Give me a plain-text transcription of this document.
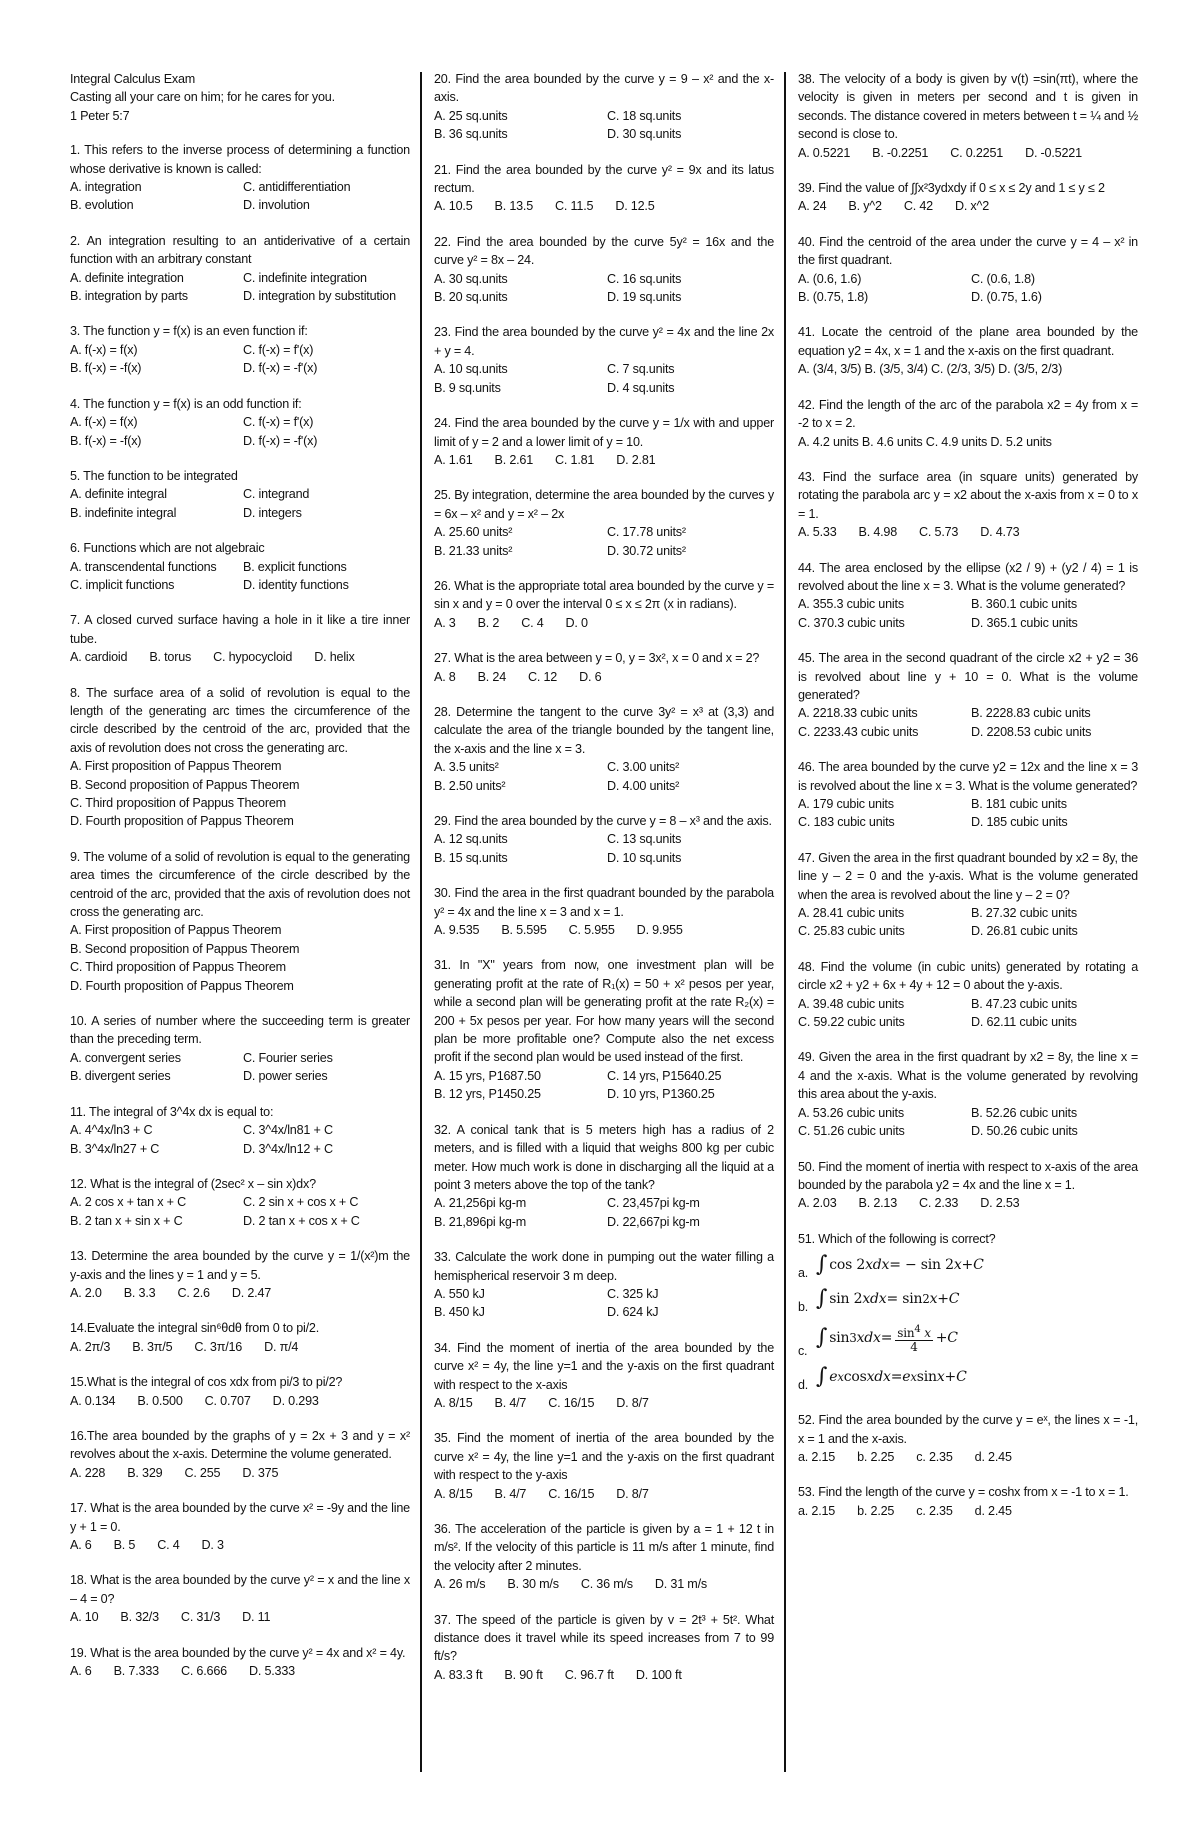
Integral Calculus Exam
Casting all your care on him; for he cares for you.
1 Peter 5:7

1. This refers to the inverse process of determining a function whose derivative is known is called:

A. integration	C. antidifferentiation
B. evolution	D. involution

2. An integration resulting to an antiderivative of a certain function with an arbitrary constant

A. definite integration	C. indefinite integration
B. integration by parts	D. integration by substitution

3. The function y = f(x) is an even function if:

A. f(-x) = f(x)	C. f(-x) = f'(x)
B. f(-x) = -f(x)	D. f(-x) = -f'(x)

4. The function y = f(x) is an odd function if:

A. f(-x) = f(x)	C. f(-x) = f'(x)
B. f(-x) = -f(x)	D. f(-x) = -f'(x)

5. The function to be integrated

A. definite integral	C. integrand
B. indefinite integral	D. integers

6. Functions which are not algebraic

A. transcendental functions	B. explicit functions
C. implicit functions	D. identity functions

7. A closed curved surface having a hole in it like a tire inner tube.

A. cardioid B. torus C. hypocycloid D. helix

8. The surface area of a solid of revolution is equal to the length of the generating arc times the circumference of the circle described by the centroid of the arc, provided that the axis of revolution does not cross the generating arc.

A. First proposition of Pappus Theorem
B. Second proposition of Pappus Theorem
C. Third proposition of Pappus Theorem
D. Fourth proposition of Pappus Theorem

9. The volume of a solid of revolution is equal to the generating area times the circumference of the circle described by the centroid of the arc, provided that the axis of revolution does not cross the generating arc.

A. First proposition of Pappus Theorem
B. Second proposition of Pappus Theorem
C. Third proposition of Pappus Theorem
D. Fourth proposition of Pappus Theorem

10. A series of number where the succeeding term is greater than the preceding term.

A. convergent series	C. Fourier series
B. divergent series	D. power series

11. The integral of 3^4x dx is equal to:

A. 4^4x/ln3 + C	C. 3^4x/ln81 + C
B. 3^4x/ln27 + C	D. 3^4x/ln12 + C

12. What is the integral of (2sec² x – sin x)dx?

A. 2 cos x + tan x + C	C. 2 sin x + cos x + C
B. 2 tan x + sin x + C	D. 2 tan x + cos x + C

13. Determine the area bounded by the curve y = 1/(x²)m the y-axis and the lines y = 1 and y = 5.

A. 2.0 B. 3.3 C. 2.6 D. 2.47

14.Evaluate the integral sin⁶θdθ from 0 to pi/2.

A. 2π/3 B. 3π/5 C. 3π/16 D. π/4

15.What is the integral of cos xdx from pi/3 to pi/2?

A. 0.134 B. 0.500 C. 0.707 D. 0.293

16.The area bounded by the graphs of y = 2x + 3 and y = x² revolves about the x-axis. Determine the volume generated.

A. 228 B. 329 C. 255 D. 375

17. What is the area bounded by the curve x² = -9y and the line y + 1 = 0.

A. 6 B. 5 C. 4 D. 3

18. What is the area bounded by the curve y² = x and the line x – 4 = 0?

A. 10 B. 32/3 C. 31/3 D. 11

19. What is the area bounded by the curve y² = 4x and x² = 4y.

A. 6 B. 7.333 C. 6.666 D. 5.333

20. Find the area bounded by the curve y = 9 – x² and the x-axis.

A. 25 sq.units	C. 18 sq.units
B. 36 sq.units	D. 30 sq.units

21. Find the area bounded by the curve y² = 9x and its latus rectum.

A. 10.5 B. 13.5 C. 11.5 D. 12.5

22. Find the area bounded by the curve 5y² = 16x and the curve y² = 8x – 24.

A. 30 sq.units	C. 16 sq.units
B. 20 sq.units	D. 19 sq.units

23. Find the area bounded by the curve y² = 4x and the line 2x + y = 4.

A. 10 sq.units	C. 7 sq.units
B. 9 sq.units	D. 4 sq.units

24. Find the area bounded by the curve y = 1/x with and upper limit of y = 2 and a lower limit of y = 10.

A. 1.61 B. 2.61 C. 1.81 D. 2.81

25. By integration, determine the area bounded by the curves y = 6x – x² and y = x² – 2x

A. 25.60 units²	C. 17.78 units²
B. 21.33 units²	D. 30.72 units²

26. What is the appropriate total area bounded by the curve y = sin x and y = 0 over the interval 0 ≤ x ≤ 2π (x in radians).

A. 3 B. 2 C. 4 D. 0

27. What is the area between y = 0, y = 3x², x = 0 and x = 2?

A. 8 B. 24 C. 12 D. 6

28. Determine the tangent to the curve 3y² = x³ at (3,3) and calculate the area of the triangle bounded by the tangent line, the x-axis and the line x = 3.

A. 3.5 units²	C. 3.00 units²
B. 2.50 units²	D. 4.00 units²

29. Find the area bounded by the curve y = 8 – x³ and the axis.

A. 12 sq.units	C. 13 sq.units
B. 15 sq.units	D. 10 sq.units

30. Find the area in the first quadrant bounded by the parabola y² = 4x and the line x = 3 and x = 1.

A. 9.535 B. 5.595 C. 5.955 D. 9.955

31. In "X" years from now, one investment plan will be generating profit at the rate of R₁(x) = 50 + x² pesos per year, while a second plan will be generating profit at the rate R₂(x) = 200 + 5x pesos per year. For how many years will the second plan be more profitable one? Compute also the net excess profit if the second plan would be used instead of the first.

A. 15 yrs, P1687.50	C. 14 yrs, P15640.25
B. 12 yrs, P1450.25	D. 10 yrs, P1360.25

32. A conical tank that is 5 meters high has a radius of 2 meters, and is filled with a liquid that weighs 800 kg per cubic meter. How much work is done in discharging all the liquid at a point 3 meters above the top of the tank?

A. 21,256pi kg-m	C. 23,457pi kg-m
B. 21,896pi kg-m	D. 22,667pi kg-m

33. Calculate the work done in pumping out the water filling a hemispherical reservoir 3 m deep.

A. 550 kJ	C. 325 kJ
B. 450 kJ	D. 624 kJ

34. Find the moment of inertia of the area bounded by the curve x² = 4y, the line y=1 and the y-axis on the first quadrant with respect to the x-axis

A. 8/15 B. 4/7 C. 16/15 D. 8/7

35. Find the moment of inertia of the area bounded by the curve x² = 4y, the line y=1 and the y-axis on the first quadrant with respect to the y-axis

A. 8/15 B. 4/7 C. 16/15 D. 8/7

36. The acceleration of the particle is given by a = 1 + 12 t in m/s². If the velocity of this particle is 11 m/s after 1 minute, find the velocity after 2 minutes.

A. 26 m/s B. 30 m/s C. 36 m/s D. 31 m/s

37. The speed of the particle is given by v = 2t³ + 5t². What distance does it travel while its speed increases from 7 to 99 ft/s?

A. 83.3 ft B. 90 ft C. 96.7 ft D. 100 ft

38. The velocity of a body is given by v(t) =sin(πt), where the velocity is given in meters per second and t is given in seconds. The distance covered in meters between t = ¼ and ½ second is close to.

A. 0.5221 B. -0.2251 C. 0.2251 D. -0.5221

39. Find the value of ∫∫x²3ydxdy if 0 ≤ x ≤ 2y and 1 ≤ y ≤ 2

A. 24 B. y^2 C. 42 D. x^2

40. Find the centroid of the area under the curve y = 4 – x² in the first quadrant.

A. (0.6, 1.6)	C. (0.6, 1.8)
B. (0.75, 1.8)	D. (0.75, 1.6)

41. Locate the centroid of the plane area bounded by the equation y2 = 4x, x = 1 and the x-axis on the first quadrant.

A. (3/4, 3/5) B. (3/5, 3/4) C. (2/3, 3/5) D. (3/5, 2/3)

42. Find the length of the arc of the parabola x2 = 4y from x = -2 to x = 2.

A. 4.2 units B. 4.6 units C. 4.9 units D. 5.2 units

43. Find the surface area (in square units) generated by rotating the parabola arc y = x2 about the x-axis from x = 0 to x = 1.

A. 5.33 B. 4.98 C. 5.73 D. 4.73

44. The area enclosed by the ellipse (x2 / 9) + (y2 / 4) = 1 is revolved about the line x = 3. What is the volume generated?

A. 355.3 cubic units	B. 360.1 cubic units
C. 370.3 cubic units	D. 365.1 cubic units

45. The area in the second quadrant of the circle x2 + y2 = 36 is revolved about line y + 10 = 0. What is the volume generated?

A. 2218.33 cubic units	B. 2228.83 cubic units
C. 2233.43 cubic units	D. 2208.53 cubic units

46. The area bounded by the curve y2 = 12x and the line x = 3 is revolved about the line x = 3. What is the volume generated?

A. 179 cubic units	B. 181 cubic units
C. 183 cubic units	D. 185 cubic units

47. Given the area in the first quadrant bounded by x2 = 8y, the line y – 2 = 0 and the y-axis. What is the volume generated when the area is revolved about the line y – 2 = 0?

A. 28.41 cubic units	B. 27.32 cubic units
C. 25.83 cubic units	D. 26.81 cubic units

48. Find the volume (in cubic units) generated by rotating a circle x2 + y2 + 6x + 4y + 12 = 0 about the y-axis.

A. 39.48 cubic units	B. 47.23 cubic units
C. 59.22 cubic units	D. 62.11 cubic units

49. Given the area in the first quadrant by x2 = 8y, the line x = 4 and the x-axis. What is the volume generated by revolving this area about the y-axis.

A. 53.26 cubic units	B. 52.26 cubic units
C. 51.26 cubic units	D. 50.26 cubic units

50. Find the moment of inertia with respect to x-axis of the area bounded by the parabola y2 = 4x and the line x = 1.

A. 2.03 B. 2.13 C. 2.33 D. 2.53

51. Which of the following is correct?

a. ∫ cos 2 xdx = − sin 2 x + C
b. ∫ sin 2 xdx = sin 2 x + C
c.
∫ sin 3 xdx = $\frac{\sin^4 x}{4} + C$
d. ∫ e x cos xdx = e x sin x + C

52. Find the area bounded by the curve y = eˣ, the lines x = -1, x = 1 and the x-axis.

a. 2.15 b. 2.25 c. 2.35 d. 2.45

53. Find the length of the curve y = coshx from x = -1 to x = 1.

a. 2.15 b. 2.25 c. 2.35 d. 2.45
